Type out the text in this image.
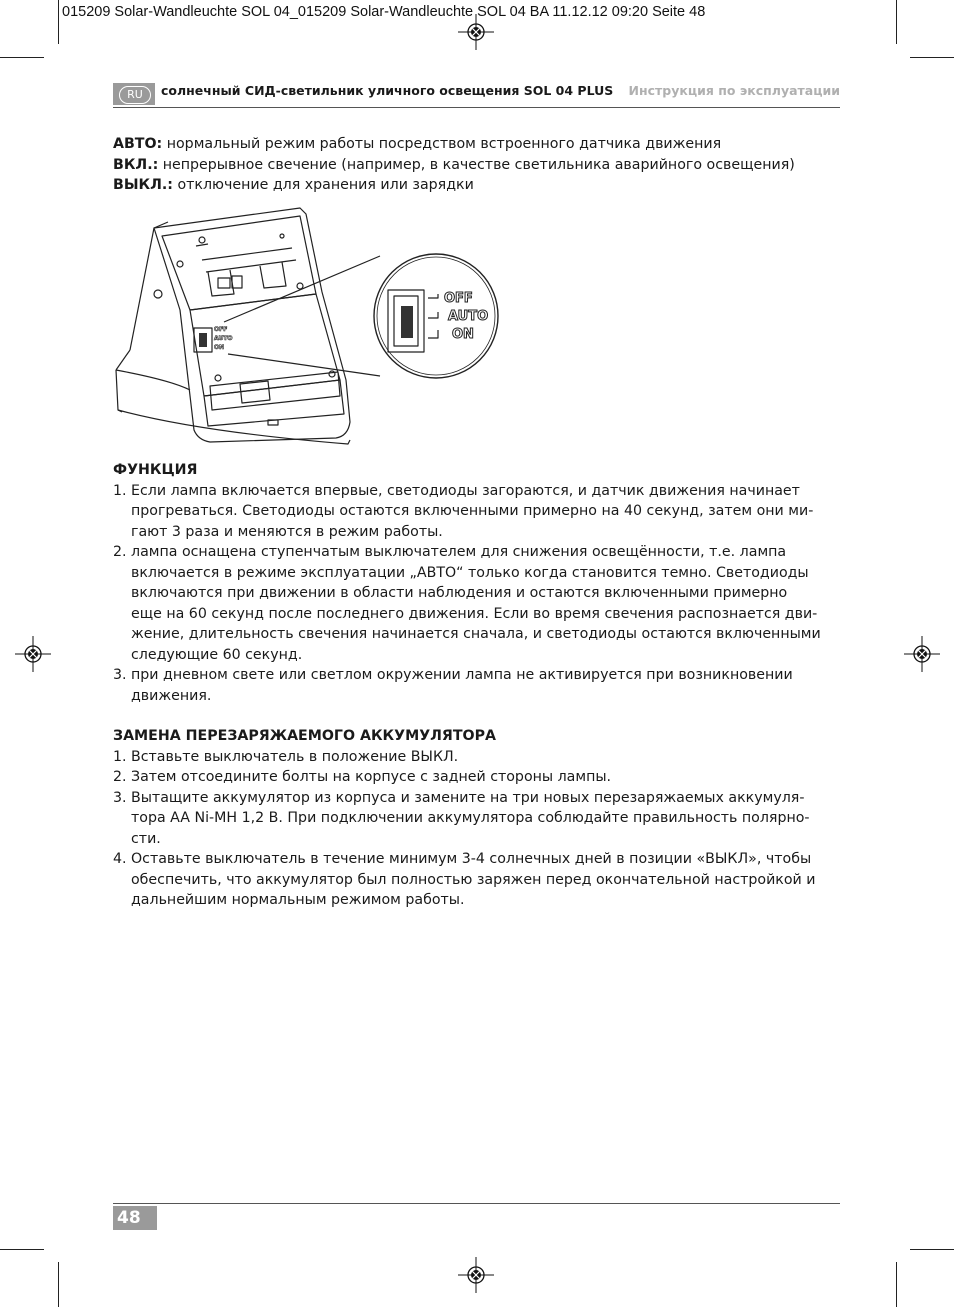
015209 Solar-Wandleuchte SOL 04_015209 Solar-Wandleuchte SOL 04 BA 11.12.12 09:20 Seite 48
RU	солнечный СИД-светильник уличного освещения SOL 04 PLUS Инструкция по эксплуатации
АВТО: нормальный режим работы посредством встроенного датчика движения
ВКЛ.: непрерывное свечение (например, в качестве светильника аварийного освещения)
ВЫКЛ.: отключение для хранения или зарядки
OFF
AUTO
ON
OFF
AUTO
ON
ФУНКЦИЯ
1. Если лампа включается впервые, светодиоды загораются, и датчик движения начинает
прогреваться. Светодиоды остаются включенными примерно на 40 секунд, затем они ми-
гают 3 раза и меняются в режим работы.
2. лампа оснащена ступенчатым выключателем для снижения освещённости, т.е. лампа
включается в режиме эксплуатации „АВТО“ только когда становится темно. Светодиоды
включаются при движении в области наблюдения и остаются включенными примерно
еще на 60 секунд после последнего движения. Если во время свечения распознается дви-
жение, длительность свечения начинается сначала, и светодиоды остаются включенными
следующие 60 секунд.
3. при дневном свете или светлом окружении лампа не активируется при возникновении
движения.
ЗАМЕНА ПЕРЕЗАРЯЖАЕМОГО АККУМУЛЯТОРА
1. Вставьте выключатель в положение ВЫКЛ.
2. Затем отсоедините болты на корпусе с задней стороны лампы.
3. Вытащите аккумулятор из корпуса и замените на три новых перезаряжаемых аккумуля-
тора AA Ni-MH 1,2 В. При подключении аккумулятора соблюдайте правильность полярно-
сти.
4. Оставьте выключатель в течение минимум 3-4 солнечных дней в позиции «ВЫКЛ», чтобы
обеспечить, что аккумулятор был полностью заряжен перед окончательной настройкой и
дальнейшим нормальным режимом работы.
48
